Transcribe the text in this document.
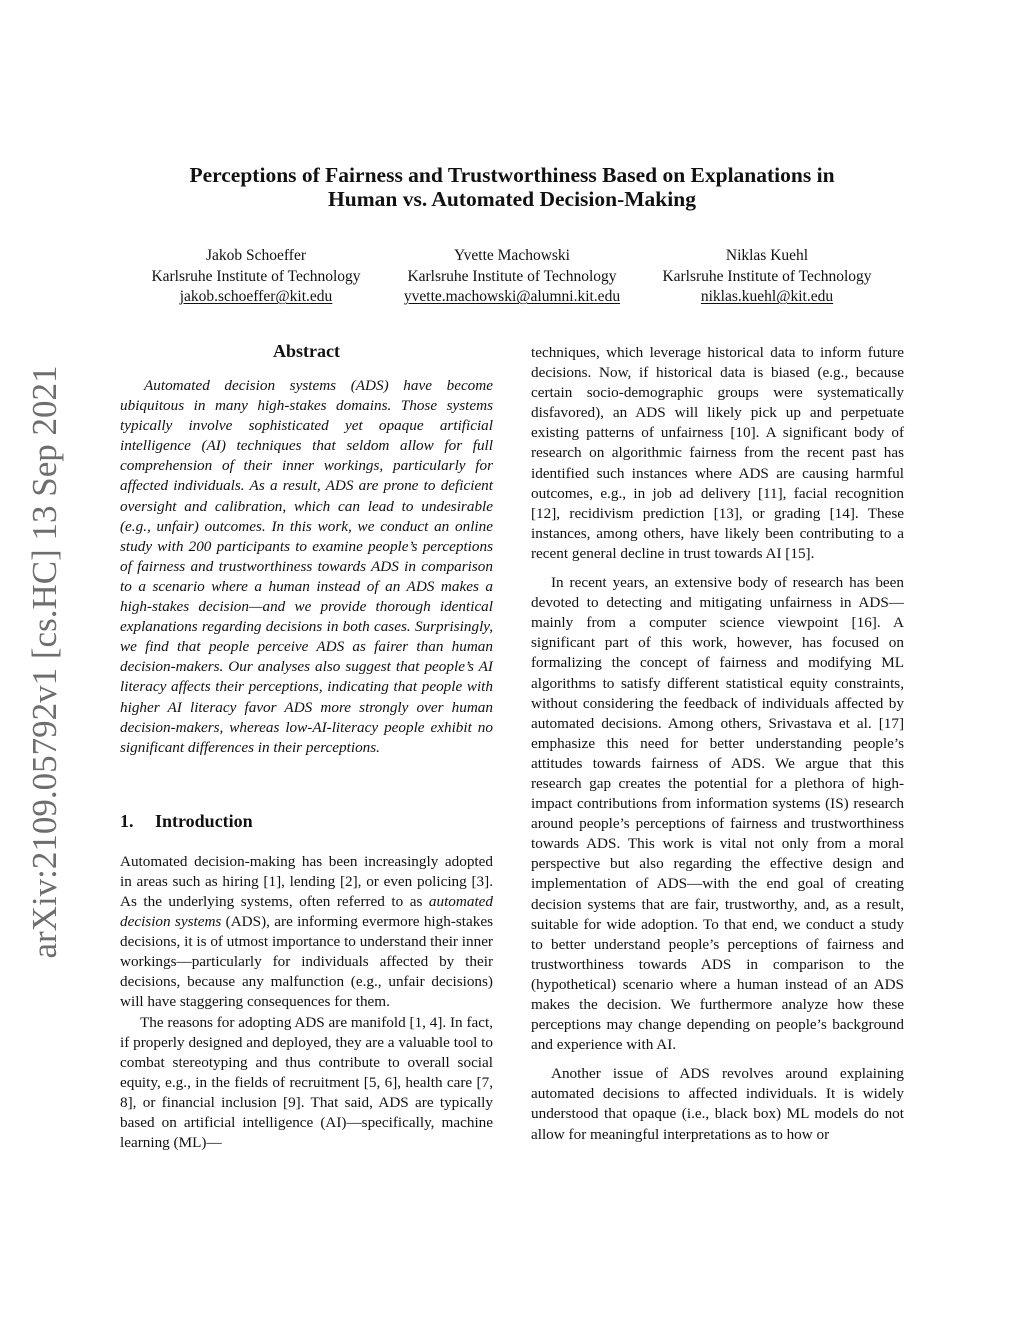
Perceptions of Fairness and Trustworthiness Based on Explanations in
Human vs. Automated Decision-Making
Jakob Schoeffer
Karlsruhe Institute of Technology
jakob.schoeffer@kit.edu
Yvette Machowski
Karlsruhe Institute of Technology
yvette.machowski@alumni.kit.edu
Niklas Kuehl
Karlsruhe Institute of Technology
niklas.kuehl@kit.edu
arXiv:2109.05792v1 [cs.HC] 13 Sep 2021
Abstract

Automated decision systems (ADS) have become ubiquitous in many high-stakes domains. Those systems typically involve sophisticated yet opaque artificial intelligence (AI) techniques that seldom allow for full comprehension of their inner workings, particularly for affected individuals. As a result, ADS are prone to deficient oversight and calibration, which can lead to undesirable (e.g., unfair) outcomes. In this work, we conduct an online study with 200 participants to examine people’s perceptions of fairness and trustworthiness towards ADS in comparison to a scenario where a human instead of an ADS makes a high-stakes decision—and we provide thorough identical explanations regarding decisions in both cases. Surprisingly, we find that people perceive ADS as fairer than human decision-makers. Our analyses also suggest that people’s AI literacy affects their perceptions, indicating that people with higher AI literacy favor ADS more strongly over human decision-makers, whereas low-AI-literacy people exhibit no significant differences in their perceptions.

1. Introduction

Automated decision-making has been increasingly adopted in areas such as hiring [1], lending [2], or even policing [3]. As the underlying systems, often referred to as automated decision systems (ADS), are informing evermore high-stakes decisions, it is of utmost importance to understand their inner workings—particularly for individuals affected by their decisions, because any malfunction (e.g., unfair decisions) will have staggering consequences for them.

The reasons for adopting ADS are manifold [1, 4]. In fact, if properly designed and deployed, they are a valuable tool to combat stereotyping and thus contribute to overall social equity, e.g., in the fields of recruitment [5, 6], health care [7, 8], or financial inclusion [9]. That said, ADS are typically based on artificial intelligence (AI)—specifically, machine learning (ML)—

techniques, which leverage historical data to inform future decisions. Now, if historical data is biased (e.g., because certain socio-demographic groups were systematically disfavored), an ADS will likely pick up and perpetuate existing patterns of unfairness [10]. A significant body of research on algorithmic fairness from the recent past has identified such instances where ADS are causing harmful outcomes, e.g., in job ad delivery [11], facial recognition [12], recidivism prediction [13], or grading [14]. These instances, among others, have likely been contributing to a recent general decline in trust towards AI [15].

In recent years, an extensive body of research has been devoted to detecting and mitigating unfairness in ADS—mainly from a computer science viewpoint [16]. A significant part of this work, however, has focused on formalizing the concept of fairness and modifying ML algorithms to satisfy different statistical equity constraints, without considering the feedback of individuals affected by automated decisions. Among others, Srivastava et al. [17] emphasize this need for better understanding people’s attitudes towards fairness of ADS. We argue that this research gap creates the potential for a plethora of high-impact contributions from information systems (IS) research around people’s perceptions of fairness and trustworthiness towards ADS. This work is vital not only from a moral perspective but also regarding the effective design and implementation of ADS—with the end goal of creating decision systems that are fair, trustworthy, and, as a result, suitable for wide adoption. To that end, we conduct a study to better understand people’s perceptions of fairness and trustworthiness towards ADS in comparison to the (hypothetical) scenario where a human instead of an ADS makes the decision. We furthermore analyze how these perceptions may change depending on people’s background and experience with AI.

Another issue of ADS revolves around explaining automated decisions to affected individuals. It is widely understood that opaque (i.e., black box) ML models do not allow for meaningful interpretations as to how or
